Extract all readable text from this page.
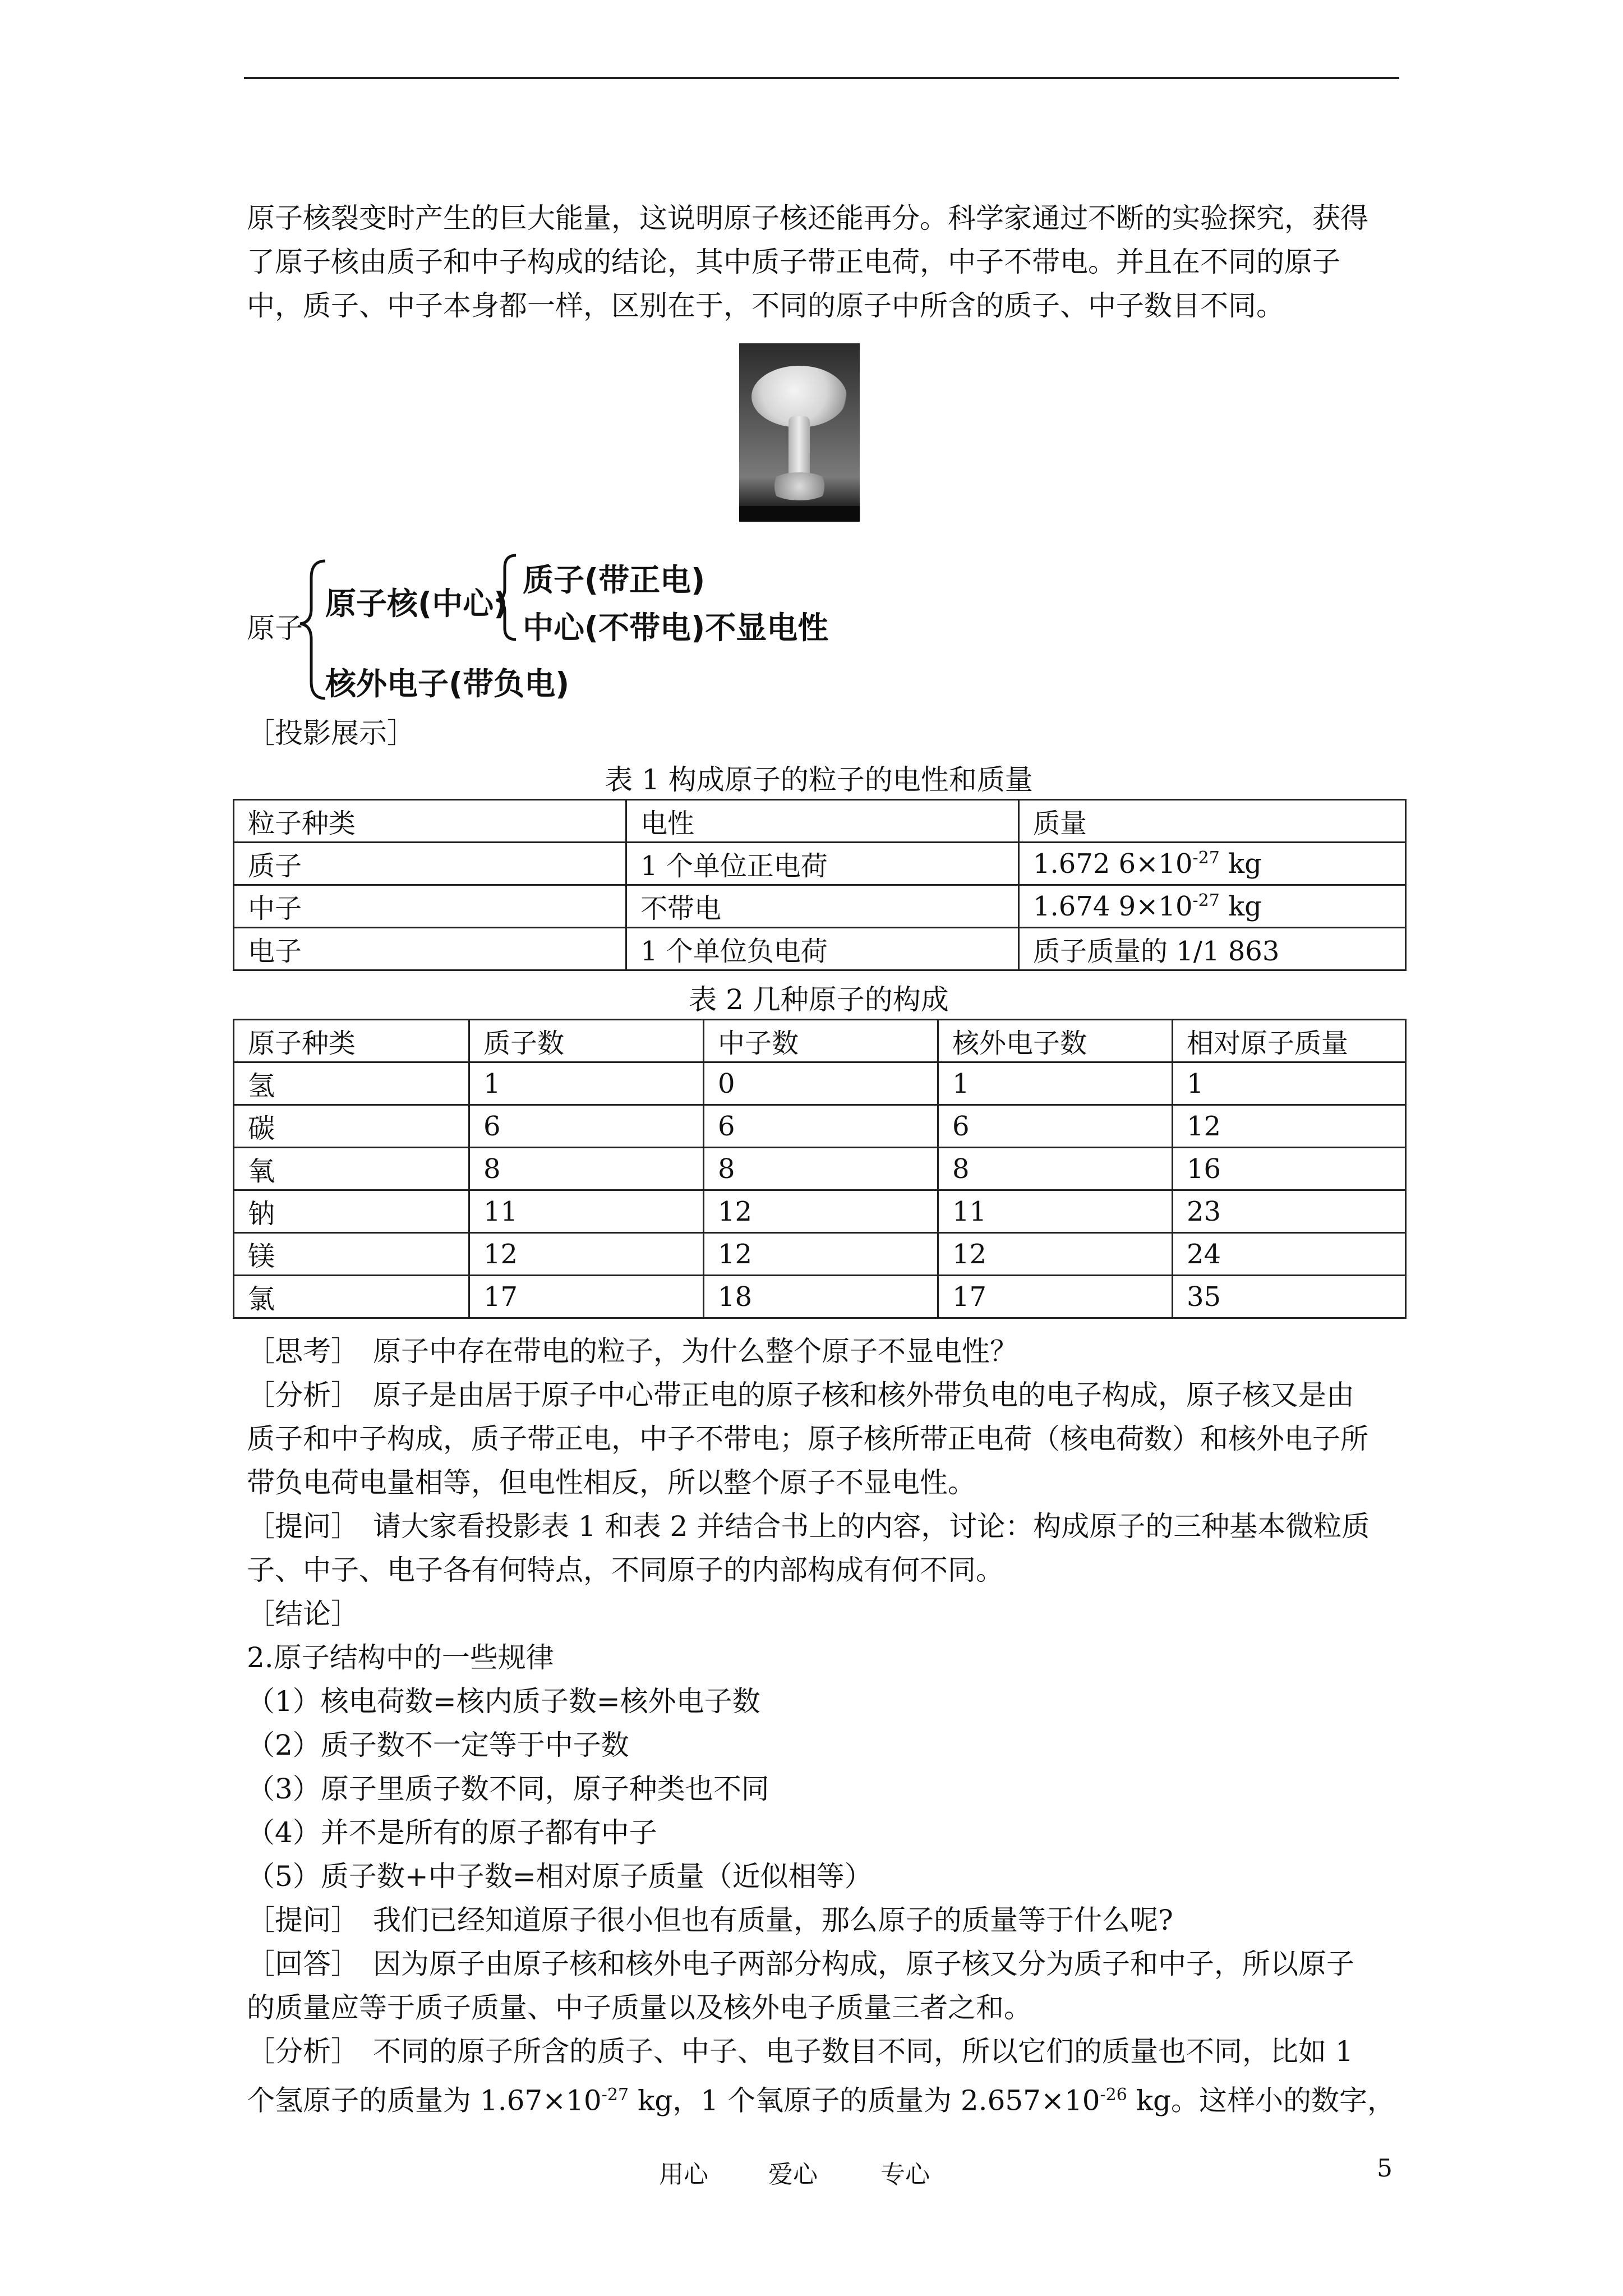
原子核裂变时产生的巨大能量，这说明原子核还能再分。科学家通过不断的实验探究，获得
了原子核由质子和中子构成的结论，其中质子带正电荷，中子不带电。并且在不同的原子
中，质子、中子本身都一样，区别在于，不同的原子中所含的质子、中子数目不同。
原子
原子核(中心)
质子(带正电)
中心(不带电)不显电性
核外电子(带负电)
［投影展示］
表 1 构成原子的粒子的电性和质量
粒子种类	电性	质量
质子	1 个单位正电荷	1.672 $6\times 10^{-27}$ kg
中子	不带电	1.674 $9\times 10^{-27}$ kg
电子	1 个单位负电荷	质子质量的 1/1 863
表 2 几种原子的构成
原子种类	质子数	中子数	核外电子数	相对原子质量
氢	1	0	1	1
碳	6	6	6	12
氧	8	8	8	16
钠	11	12	11	23
镁	12	12	12	24
氯	17	18	17	35
［思考］　原子中存在带电的粒子，为什么整个原子不显电性？
［分析］　原子是由居于原子中心带正电的原子核和核外带负电的电子构成，原子核又是由
质子和中子构成，质子带正电，中子不带电；原子核所带正电荷（核电荷数）和核外电子所
带负电荷电量相等，但电性相反，所以整个原子不显电性。
［提问］　请大家看投影表 1 和表 2 并结合书上的内容，讨论：构成原子的三种基本微粒质
子、中子、电子各有何特点，不同原子的内部构成有何不同。
［结论］
2.原子结构中的一些规律
（1）核电荷数=核内质子数=核外电子数
（2）质子数不一定等于中子数
（3）原子里质子数不同，原子种类也不同
（4）并不是所有的原子都有中子
（5）质子数+中子数=相对原子质量（近似相等）
［提问］　我们已经知道原子很小但也有质量，那么原子的质量等于什么呢?
［回答］　因为原子由原子核和核外电子两部分构成，原子核又分为质子和中子，所以原子
的质量应等于质子质量、中子质量以及核外电子质量三者之和。
［分析］　不同的原子所含的质子、中子、电子数目不同，所以它们的质量也不同，比如 1
个氢原子的质量为 $1.67\times 10^{-27}$ kg，1 个氧原子的质量为 $2.657\times 10^{-26}$ kg。这样小的数字，
用心 爱心	专心	5
